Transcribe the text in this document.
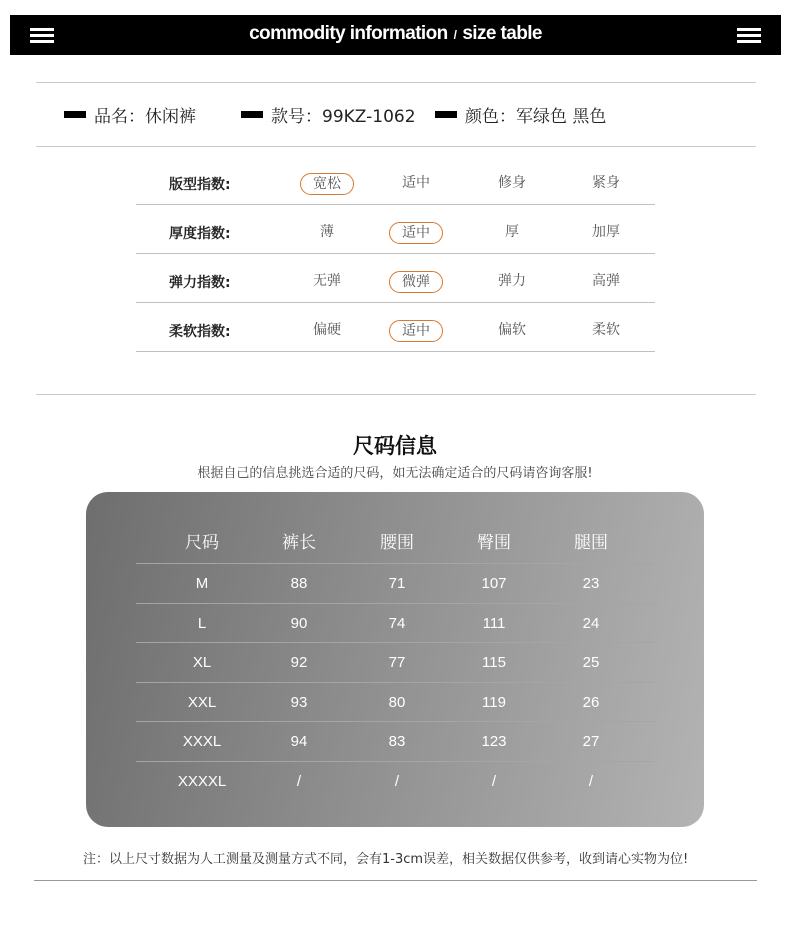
commodity information / size table
品名：休闲裤	款号：99KZ-1062	颜色：军绿色 黑色
版型指数:	宽松	适中	修身	紧身
厚度指数:	薄	适中	厚	加厚
弹力指数:	无弹	微弹	弹力	高弹
柔软指数:	偏硬	适中	偏软	柔软
尺码信息
根据自己的信息挑选合适的尺码，如无法确定适合的尺码请咨询客服!
尺码	裤长	腰围	臀围	腿围
M	88	71	107	23
L	90	74	111	24
XL	92	77	115	25
XXL	93	80	119	26
XXXL	94	83	123	27
XXXXL	/	/	/	/
注：以上尺寸数据为人工测量及测量方式不同，会有1-3cm误差，相关数据仅供参考，收到请心实物为位!
